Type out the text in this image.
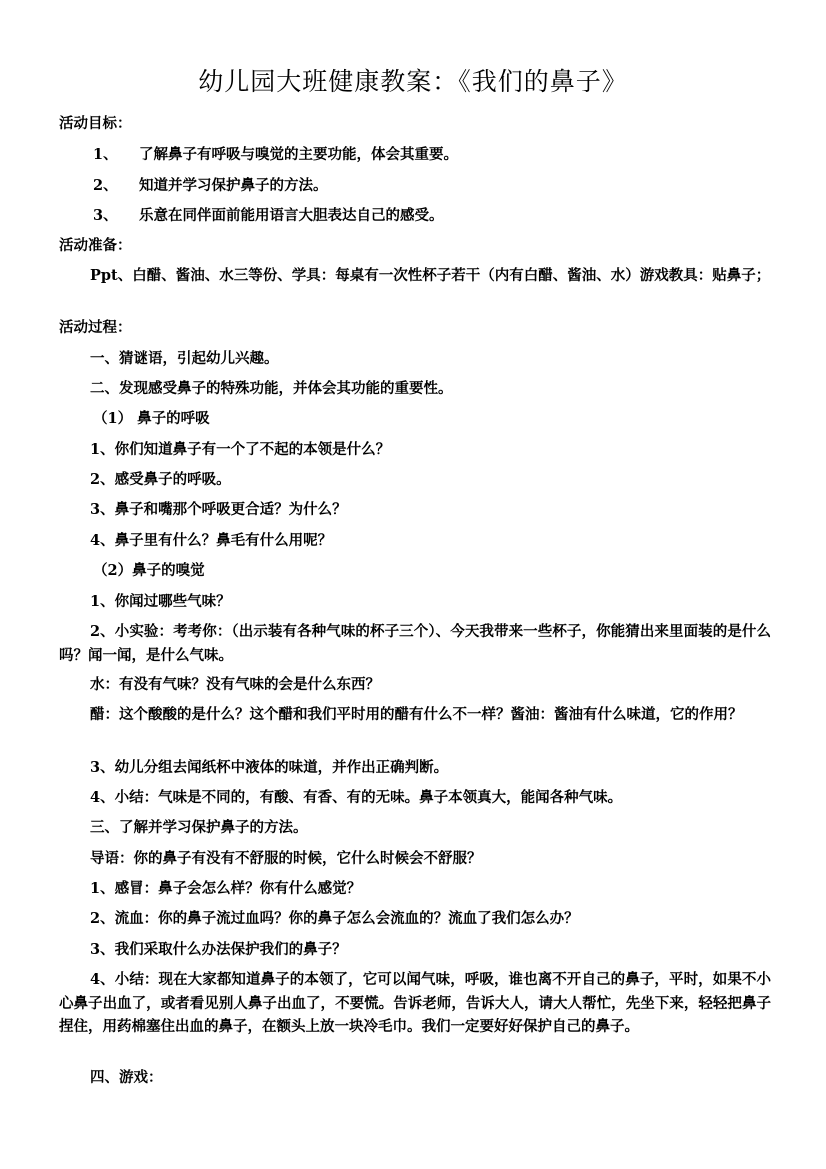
幼儿园大班健康教案：《我们的鼻子》
活动目标：
1、 了解鼻子有呼吸与嗅觉的主要功能，体会其重要。
2、 知道并学习保护鼻子的方法。
3、 乐意在同伴面前能用语言大胆表达自己的感受。
活动准备：
Ppt、白醋、酱油、水三等份、学具：每桌有一次性杯子若干（内有白醋、酱油、水）游戏教具：贴鼻子；
活动过程：
一、猜谜语，引起幼儿兴趣。
二、发现感受鼻子的特殊功能，并体会其功能的重要性。
（1） 鼻子的呼吸
1、你们知道鼻子有一个了不起的本领是什么？
2、感受鼻子的呼吸。
3、鼻子和嘴那个呼吸更合适？为什么？
4、鼻子里有什么？鼻毛有什么用呢？
（2）鼻子的嗅觉
1、你闻过哪些气味？
2、小实验：考考你：（出示装有各种气味的杯子三个）、今天我带来一些杯子，你能猜出来里面装的是什么吗？闻一闻，是什么气味。
水：有没有气味？没有气味的会是什么东西？
醋：这个酸酸的是什么？这个醋和我们平时用的醋有什么不一样？酱油：酱油有什么味道，它的作用？
3、幼儿分组去闻纸杯中液体的味道，并作出正确判断。
4、小结：气味是不同的，有酸、有香、有的无味。鼻子本领真大，能闻各种气味。
三、了解并学习保护鼻子的方法。
导语：你的鼻子有没有不舒服的时候，它什么时候会不舒服？
1、感冒：鼻子会怎么样？你有什么感觉？
2、流血：你的鼻子流过血吗？你的鼻子怎么会流血的？流血了我们怎么办？
3、我们采取什么办法保护我们的鼻子？
4、小结：现在大家都知道鼻子的本领了，它可以闻气味，呼吸，谁也离不开自己的鼻子，平时，如果不小心鼻子出血了，或者看见别人鼻子出血了，不要慌。告诉老师，告诉大人，请大人帮忙，先坐下来，轻轻把鼻子捏住，用药棉塞住出血的鼻子，在额头上放一块冷毛巾。我们一定要好好保护自己的鼻子。
四、游戏：
